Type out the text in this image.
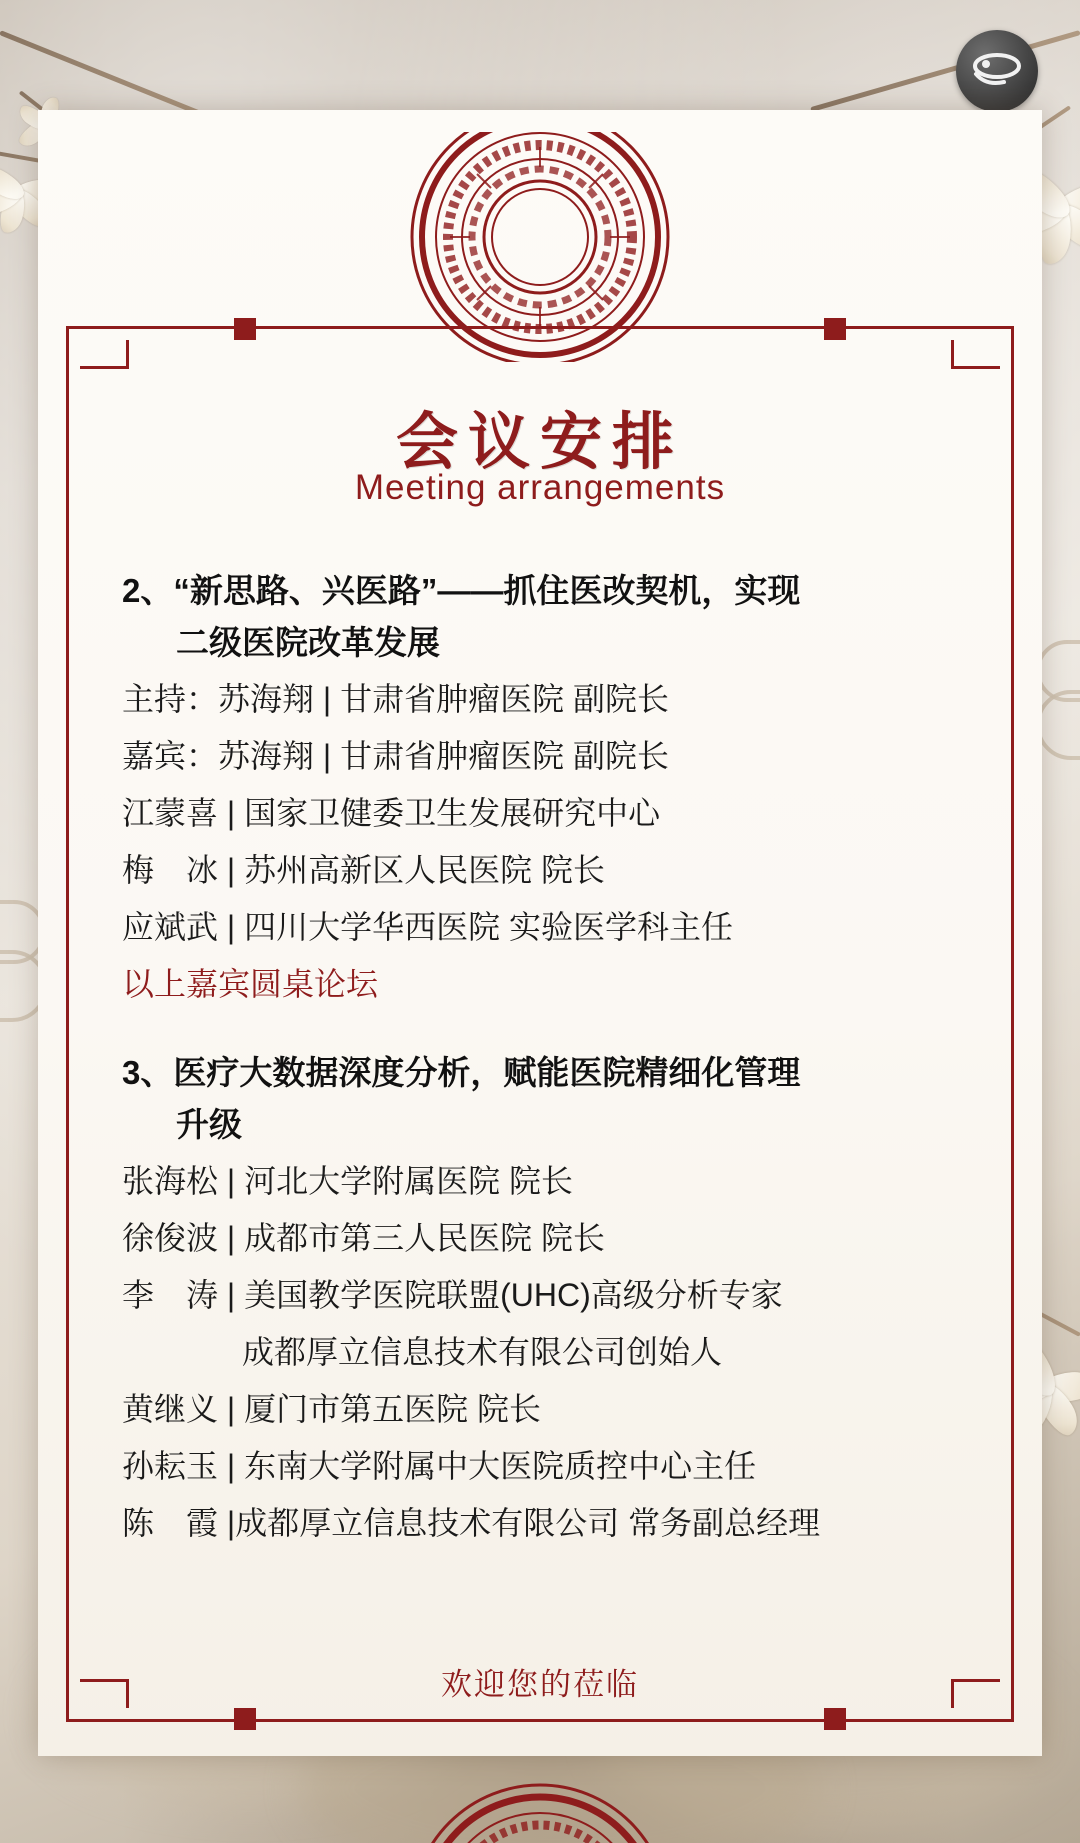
会议安排
Meeting arrangements
2、“新思路、兴医路”——抓住医改契机，实现
二级医院改革发展
主持：苏海翔 | 甘肃省肿瘤医院 副院长
嘉宾：苏海翔 | 甘肃省肿瘤医院 副院长
江蒙喜 | 国家卫健委卫生发展研究中心
梅　冰 | 苏州高新区人民医院 院长
应斌武 | 四川大学华西医院 实验医学科主任
以上嘉宾圆桌论坛
3、医疗大数据深度分析，赋能医院精细化管理
升级
张海松 | 河北大学附属医院 院长
徐俊波 | 成都市第三人民医院 院长
李　涛 | 美国教学医院联盟(UHC)高级分析专家
成都厚立信息技术有限公司创始人
黄继义 | 厦门市第五医院 院长
孙耘玉 | 东南大学附属中大医院质控中心主任
陈　霞 |成都厚立信息技术有限公司 常务副总经理
欢迎您的莅临
